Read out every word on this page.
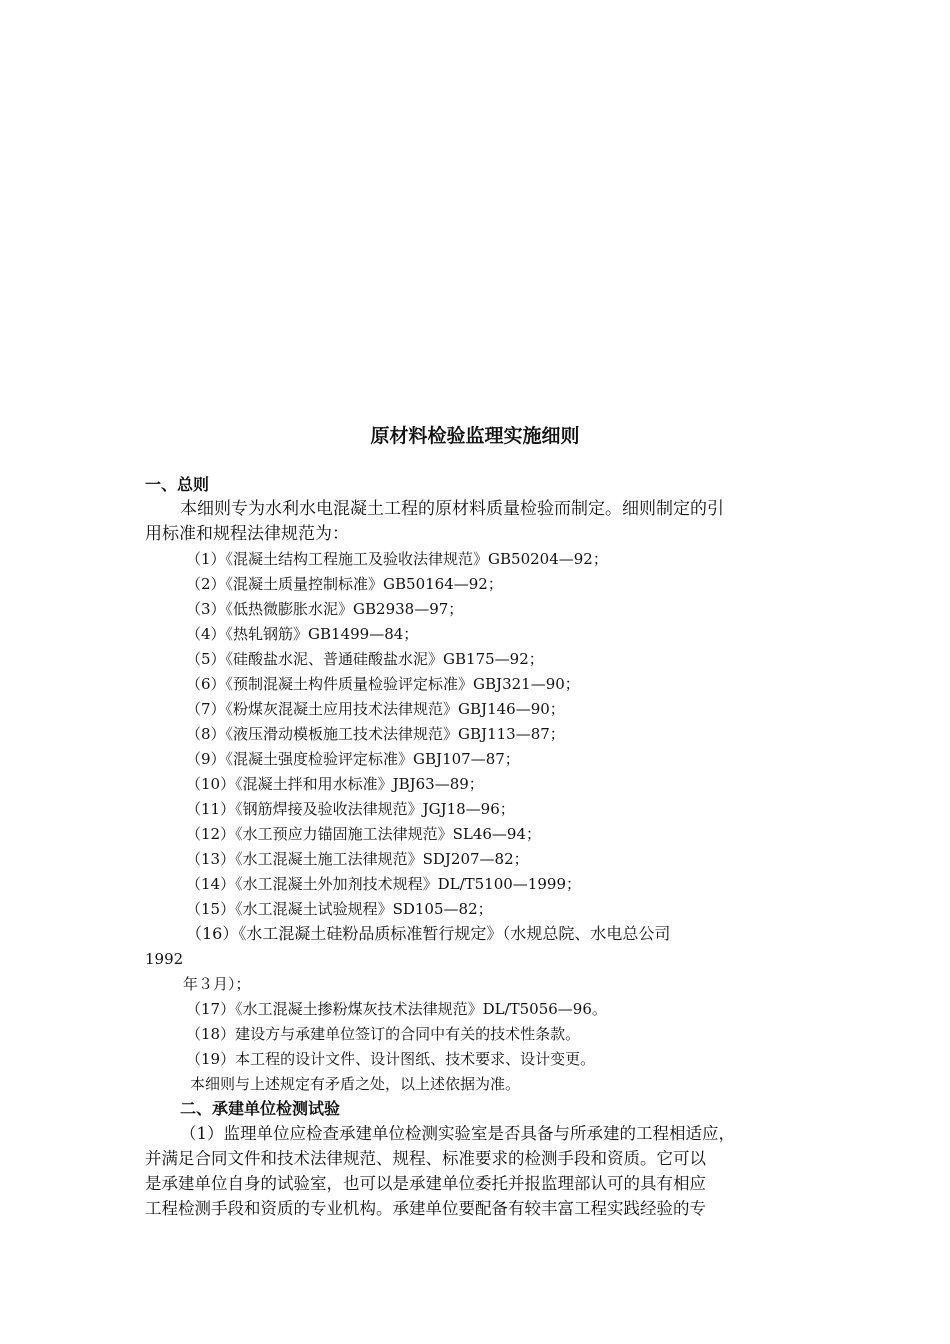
原材料检验监理实施细则
一、总则
本细则专为水利水电混凝土工程的原材料质量检验而制定。细则制定的引
用标准和规程法律规范为：
（1）《混凝土结构工程施工及验收法律规范》GB50204—92；
（2）《混凝土质量控制标准》GB50164—92；
（3）《低热微膨胀水泥》GB2938—97；
（4）《热轧钢筋》GB1499—84；
（5）《硅酸盐水泥、普通硅酸盐水泥》GB175—92；
（6）《预制混凝土构件质量检验评定标准》GBJ321—90；
（7）《粉煤灰混凝土应用技术法律规范》GBJ146—90；
（8）《液压滑动模板施工技术法律规范》GBJ113—87；
（9）《混凝土强度检验评定标准》GBJ107—87；
（10）《混凝土拌和用水标准》JBJ63—89；
（11）《钢筋焊接及验收法律规范》JGJ18—96；
（12）《水工预应力锚固施工法律规范》SL46—94；
（13）《水工混凝土施工法律规范》SDJ207—82；
（14）《水工混凝土外加剂技术规程》DL/T5100—1999；
（15）《水工混凝土试验规程》SD105—82；
（16）《水工混凝土硅粉品质标准暂行规定》（水规总院、水电总公司
1992
年３月）；
（17）《水工混凝土掺粉煤灰技术法律规范》DL/T5056—96。
（18）建设方与承建单位签订的合同中有关的技术性条款。
（19）本工程的设计文件、设计图纸、技术要求、设计变更。
本细则与上述规定有矛盾之处，以上述依据为准。
二、承建单位检测试验
（1）监理单位应检查承建单位检测实验室是否具备与所承建的工程相适应，
并满足合同文件和技术法律规范、规程、标准要求的检测手段和资质。它可以
是承建单位自身的试验室，也可以是承建单位委托并报监理部认可的具有相应
工程检测手段和资质的专业机构。承建单位要配备有较丰富工程实践经验的专
